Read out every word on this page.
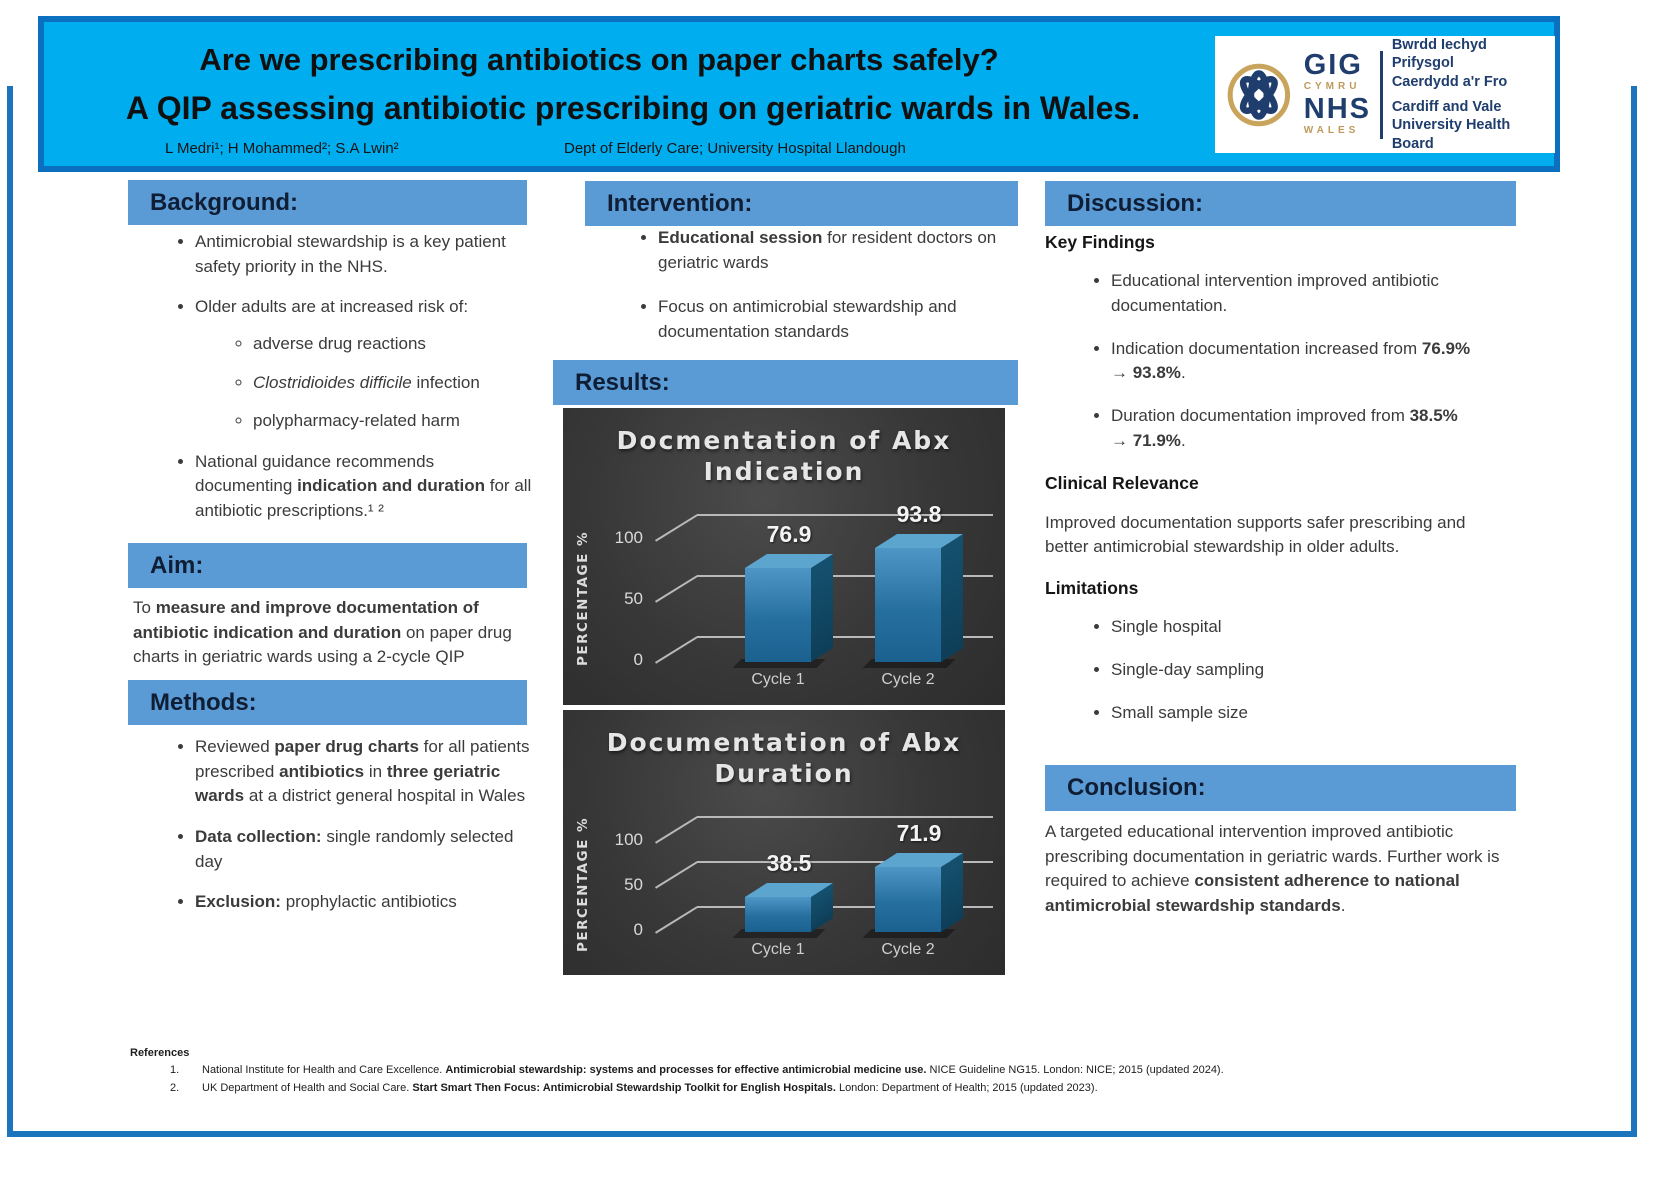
Are we prescribing antibiotics on paper charts safely?
A QIP assessing antibiotic prescribing on geriatric wards in Wales.
L Medri¹; H Mohammed²; S.A Lwin²	Dept of Elderly Care; University Hospital Llandough
GIG
CYMRU
NHS
WALES
Bwrdd Iechyd Prifysgol
Caerdydd a'r Fro
Cardiff and Vale
University Health Board
Background:
Aim:
Methods:
Intervention:
Results:
Discussion:
Conclusion:
• Antimicrobial stewardship is a key patient safety priority in the NHS.
• Older adults are at increased risk of:
◦ adverse drug reactions
◦ Clostridioides difficile infection
◦ polypharmacy-related harm
• National guidance recommends documenting indication and duration for all antibiotic prescriptions.¹ ²
To measure and improve documentation of antibiotic indication and duration on paper drug charts in geriatric wards using a 2-cycle QIP
• Reviewed paper drug charts for all patients prescribed antibiotics in three geriatric wards at a district general hospital in Wales
• Data collection: single randomly selected day
• Exclusion: prophylactic antibiotics
• Educational session for resident doctors on geriatric wards
• Focus on antimicrobial stewardship and documentation standards
Docmentation of Abx Indication
PERCENTAGE %	0
50
100	76.9
Cycle 1
93.8
Cycle 2
Documentation of Abx Duration
PERCENTAGE %	0
50
100
38.5
Cycle 1
71.9
Cycle 2
Key Findings
• Educational intervention improved antibiotic documentation.
• Indication documentation increased from 76.9% → 93.8%.
• Duration documentation improved from 38.5% → 71.9%.
Clinical Relevance

Improved documentation supports safer prescribing and better antimicrobial stewardship in older adults.

Limitations
• Single hospital
• Single-day sampling
• Small sample size
A targeted educational intervention improved antibiotic prescribing documentation in geriatric wards. Further work is required to achieve consistent adherence to national antimicrobial stewardship standards.
References
1.	National Institute for Health and Care Excellence. Antimicrobial stewardship: systems and processes for effective antimicrobial medicine use. NICE Guideline NG15. London: NICE; 2015 (updated 2024).
2.	UK Department of Health and Social Care. Start Smart Then Focus: Antimicrobial Stewardship Toolkit for English Hospitals. London: Department of Health; 2015 (updated 2023).
